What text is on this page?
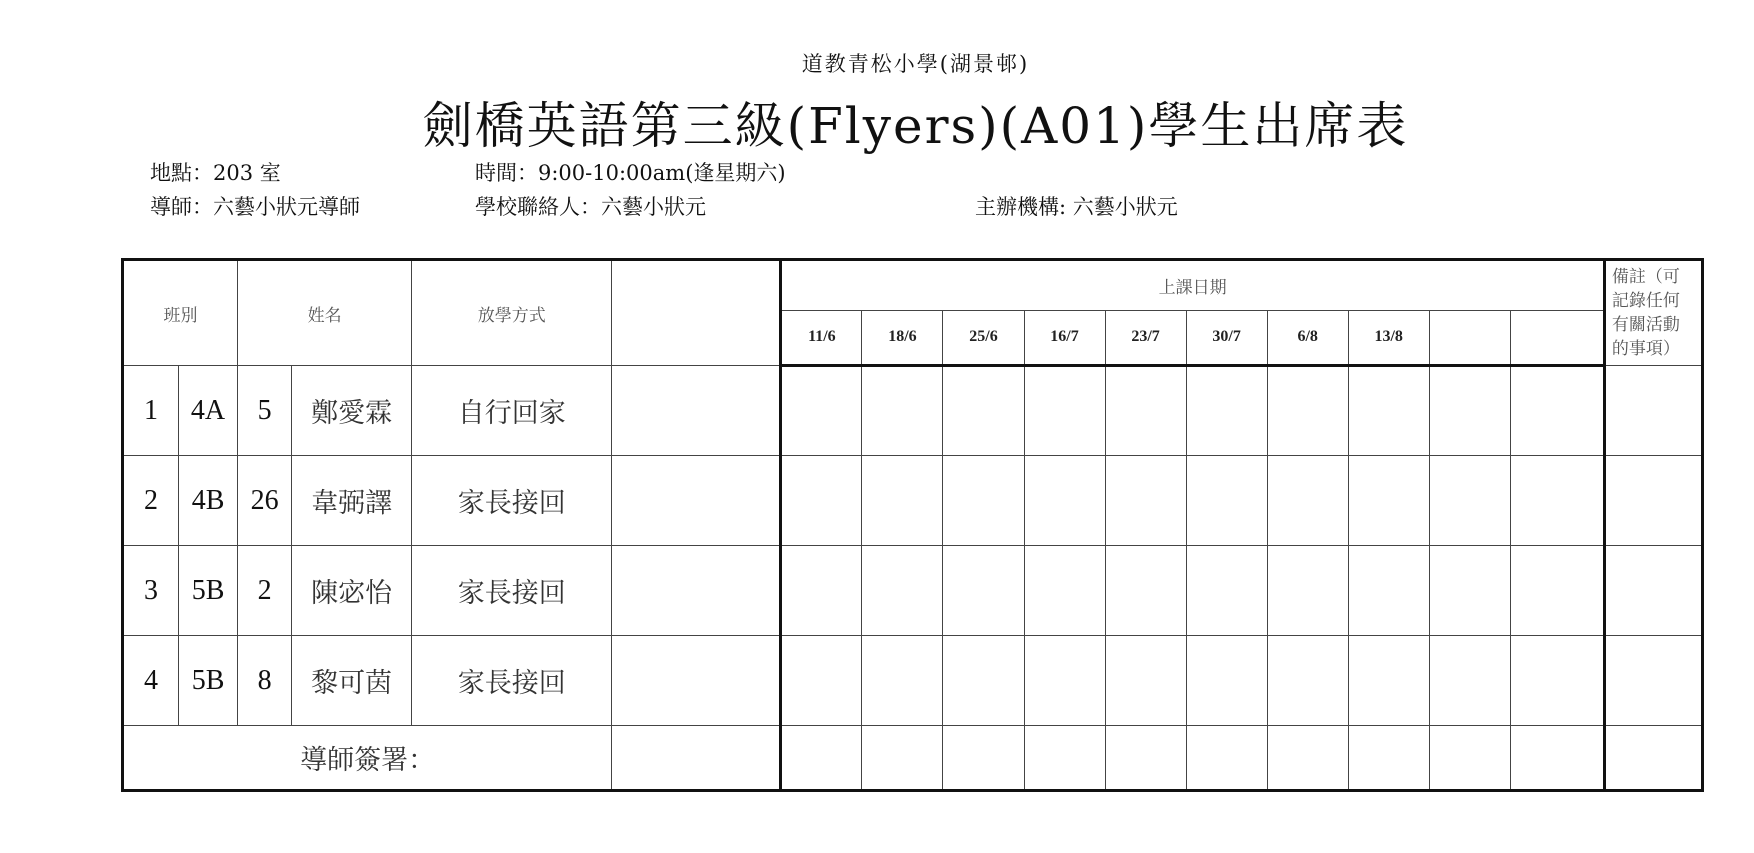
道教青松小學(湖景邨)
劍橋英語第三級(Flyers)(A01)學生出席表
地點：203 室	時間：9:00-10:00am(逢星期六)
導師：六藝小狀元導師	學校聯絡人：六藝小狀元	主辦機構: 六藝小狀元
班別		姓名		放學方式		上課日期										備註（可記錄任何有關活動的事項）
						11/6	18/6	25/6	16/7	23/7	30/7	6/8	13/8			
1	4A	5	鄭愛霖	自行回家												
2	4B	26	韋弼譯	家長接回												
3	5B	2	陳宓怡	家長接回												
4	5B	8	黎可茵	家長接回												
導師簽署：																
